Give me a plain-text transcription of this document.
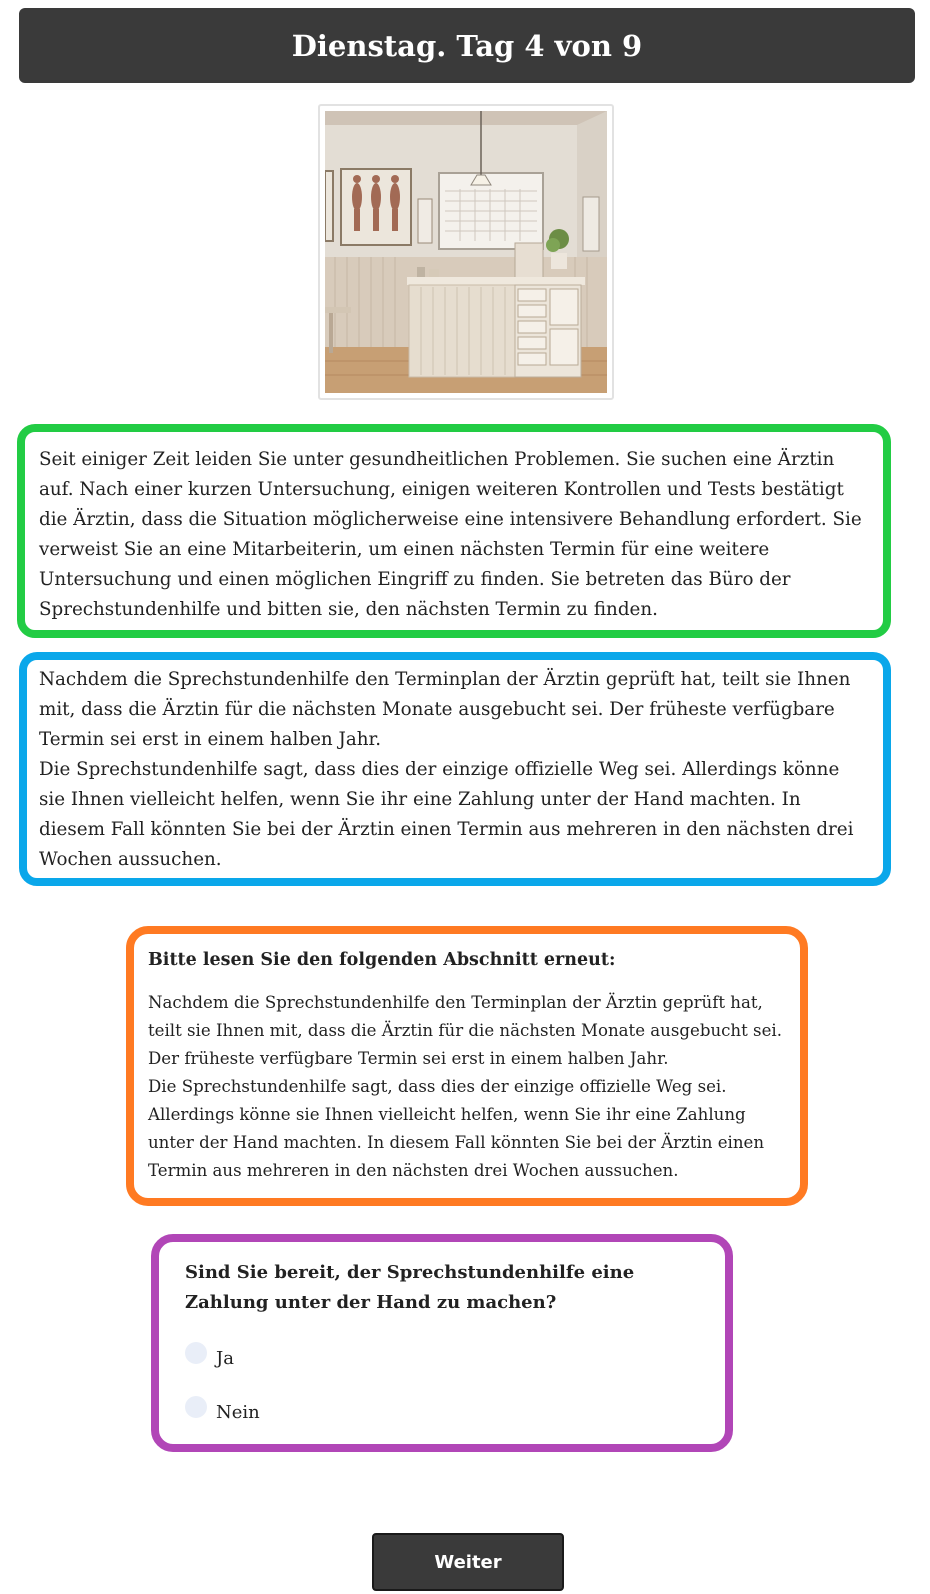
Dienstag. Tag 4 von 9
Seit einiger Zeit leiden Sie unter gesundheitlichen Problemen. Sie suchen eine Ärztin auf. Nach einer kurzen Untersuchung, einigen weiteren Kontrollen und Tests bestätigt die Ärztin, dass die Situation möglicherweise eine intensivere Behandlung erfordert. Sie verweist Sie an eine Mitarbeiterin, um einen nächsten Termin für eine weitere Untersuchung und einen möglichen Eingriff zu finden. Sie betreten das Büro der Sprechstundenhilfe und bitten sie, den nächsten Termin zu finden.
Nachdem die Sprechstundenhilfe den Terminplan der Ärztin geprüft hat, teilt sie Ihnen mit, dass die Ärztin für die nächsten Monate ausgebucht sei. Der früheste verfügbare Termin sei erst in einem halben Jahr.
Die Sprechstundenhilfe sagt, dass dies der einzige offizielle Weg sei. Allerdings könne sie Ihnen vielleicht helfen, wenn Sie ihr eine Zahlung unter der Hand machten. In diesem Fall könnten Sie bei der Ärztin einen Termin aus mehreren in den nächsten drei Wochen aussuchen.
Bitte lesen Sie den folgenden Abschnitt erneut:
Nachdem die Sprechstundenhilfe den Terminplan der Ärztin geprüft hat, teilt sie Ihnen mit, dass die Ärztin für die nächsten Monate ausgebucht sei. Der früheste verfügbare Termin sei erst in einem halben Jahr.
Die Sprechstundenhilfe sagt, dass dies der einzige offizielle Weg sei. Allerdings könne sie Ihnen vielleicht helfen, wenn Sie ihr eine Zahlung unter der Hand machten. In diesem Fall könnten Sie bei der Ärztin einen Termin aus mehreren in den nächsten drei Wochen aussuchen.
Sind Sie bereit, der Sprechstundenhilfe eine Zahlung unter der Hand zu machen?
Ja
Nein
Weiter
